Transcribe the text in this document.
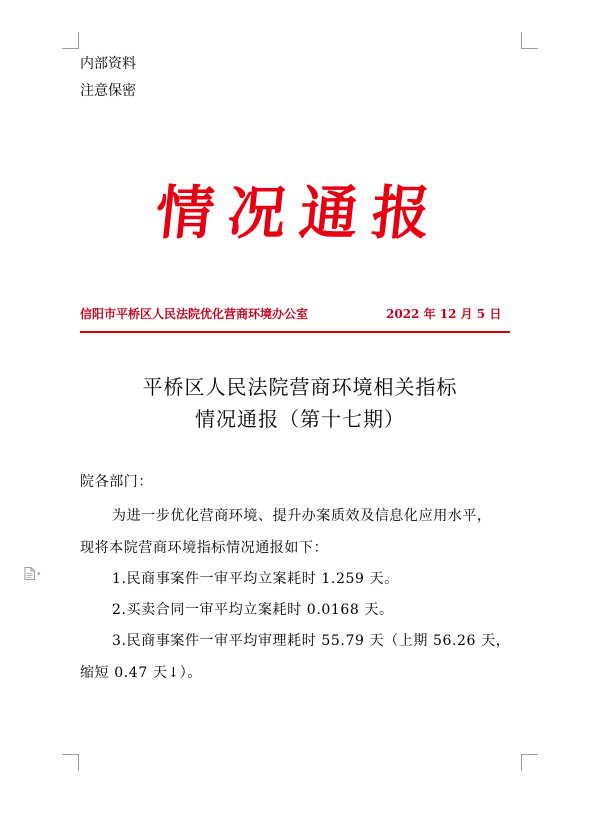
内部资料
注意保密
情况通报
信阳市平桥区人民法院优化营商环境办公室	2022 年 12 月 5 日
平桥区人民法院营商环境相关指标
情况通报（第十七期）
院各部门：
为进一步优化营商环境、提升办案质效及信息化应用水平，
现将本院营商环境指标情况通报如下：
1.民商事案件一审平均立案耗时 1.259 天。
2.买卖合同一审平均立案耗时 0.0168 天。
3.民商事案件一审平均审理耗时 55.79 天（上期 56.26 天，
缩短 0.47 天↓）。
▾
